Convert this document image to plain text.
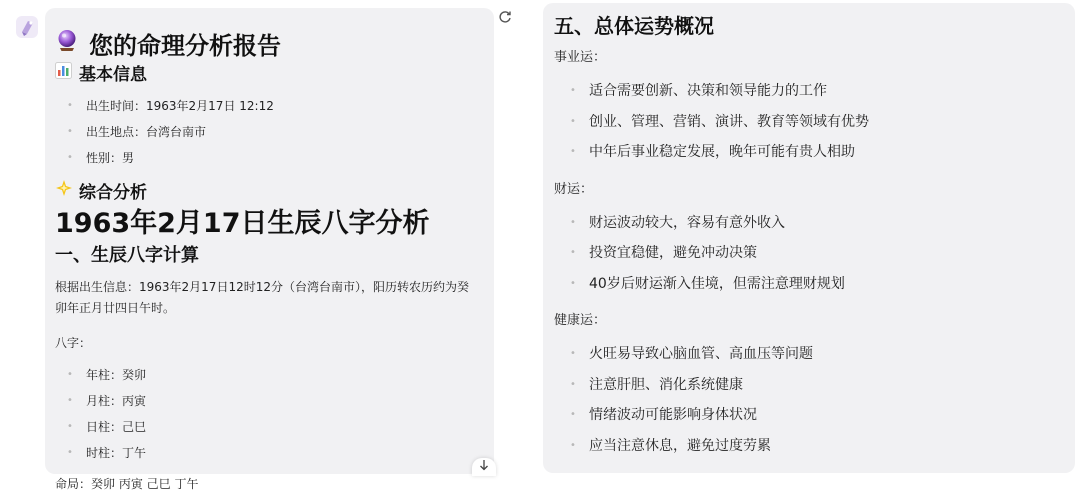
您的命理分析报告
基本信息
• 出生时间：1963年2月17日 12:12
• 出生地点：台湾台南市
• 性别：男
综合分析
1963年2月17日生辰八字分析
一、生辰八字计算
根据出生信息：1963年2月17日12时12分（台湾台南市），阳历转农历约为癸卯年正月廿四日午时。
八字：
• 年柱：癸卯
• 月柱：丙寅
• 日柱：己巳
• 时柱：丁午
命局：癸卯 丙寅 己巳 丁午
五、总体运势概况
事业运：
• 适合需要创新、决策和领导能力的工作
• 创业、管理、营销、演讲、教育等领域有优势
• 中年后事业稳定发展，晚年可能有贵人相助
财运：
• 财运波动较大，容易有意外收入
• 投资宜稳健，避免冲动决策
• 40岁后财运渐入佳境，但需注意理财规划
健康运：
• 火旺易导致心脑血管、高血压等问题
• 注意肝胆、消化系统健康
• 情绪波动可能影响身体状况
• 应当注意休息，避免过度劳累
